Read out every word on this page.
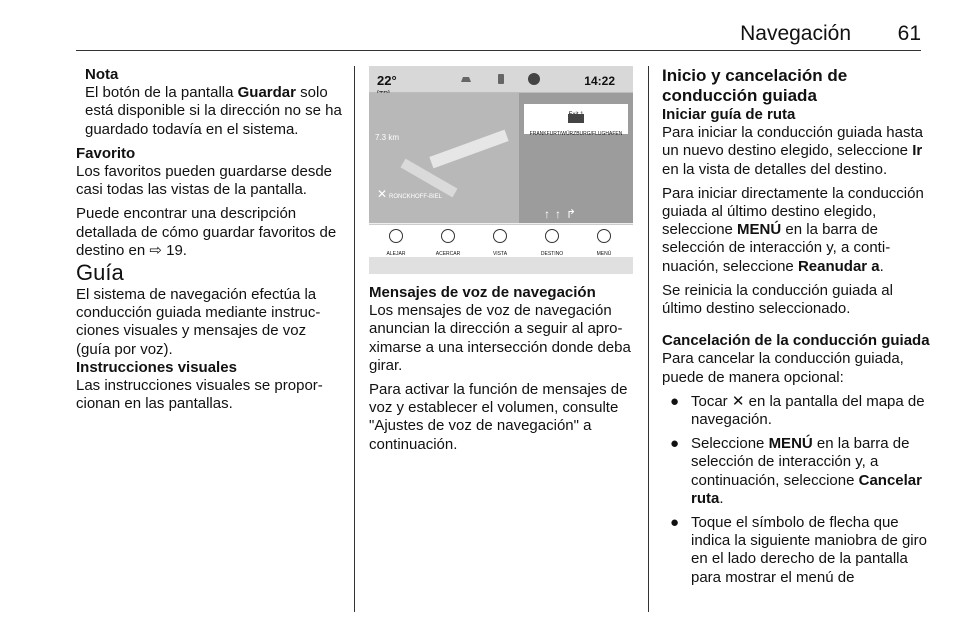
Navegación 61

Nota

El botón de la pantalla Guardar solo está disponible si la dirección no se ha guardado todavía en el sistema.

Favorito

Los favoritos pueden guardarse desde casi todas las vistas de la pantalla.

Puede encontrar una descripción detallada de cómo guardar favoritos de destino en ⇨ 19.

Guía

El sistema de navegación efectúa la conducción guiada mediante instrucciones visuales y mensajes de voz (guía por voz).

Instrucciones visuales

Las instrucciones visuales se proporcionan en las pantallas.

22°	14:22
7.3 km
✕ RONCKHOFF-BIEL
↑↑↱
FRANKFURT/WÜRZBURG/FLUGHAFEN
ALEJAR	ACERCAR	VISTA	DESTINO	MENÚ

Mensajes de voz de navegación

Los mensajes de voz de navegación anuncian la dirección a seguir al aproximarse a una intersección donde deba girar.

Para activar la función de mensajes de voz y establecer el volumen, consulte "Ajustes de voz de navegación" a continuación.

Inicio y cancelación de conducción guiada

Iniciar guía de ruta

Para iniciar la conducción guiada hasta un nuevo destino elegido, seleccione Ir en la vista de detalles del destino.

Para iniciar directamente la conducción guiada al último destino elegido, seleccione MENÚ en la barra de selección de interacción y, a continuación, seleccione Reanudar a.

Se reinicia la conducción guiada al último destino seleccionado.

Cancelación de la conducción guiada

Para cancelar la conducción guiada, puede de manera opcional:

● Tocar ✕ en la pantalla del mapa de navegación.

● Seleccione MENÚ en la barra de selección de interacción y, a continuación, seleccione Cancelar ruta.

● Toque el símbolo de flecha que indica la siguiente maniobra de giro en el lado derecho de la pantalla para mostrar el menú de
